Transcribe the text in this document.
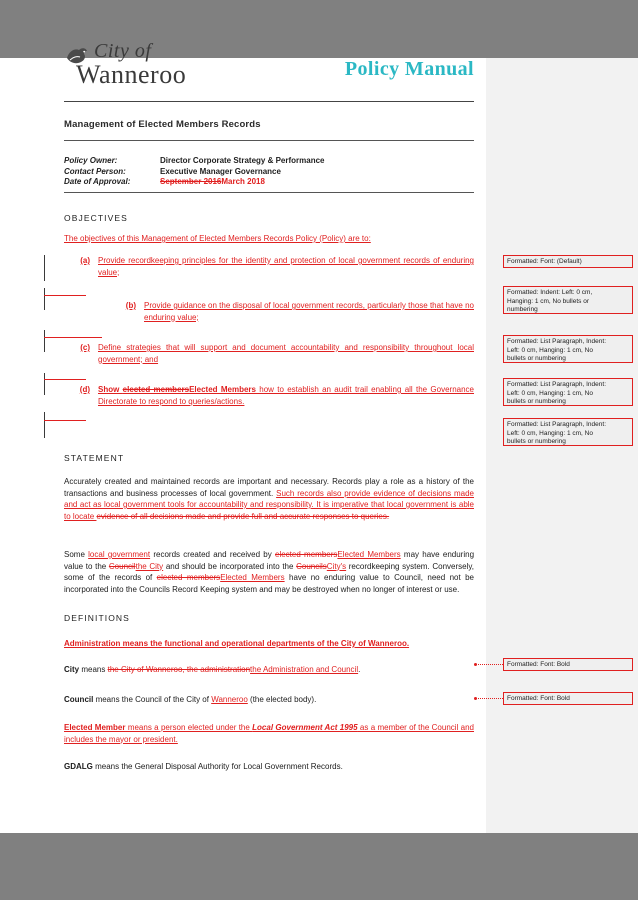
City of
Wanneroo	Policy Manual
Management of Elected Members Records
Policy Owner:	Director Corporate Strategy & Performance
Contact Person:	Executive Manager Governance
Date of Approval:	September 2016March 2018
OBJECTIVES
The objectives of this Management of Elected Members Records Policy (Policy) are to:
(a) Provide recordkeeping principles for the identity and protection of local government records of enduring value;
(b) Provide guidance on the disposal of local government records, particularly those that have no enduring value;
(c) Define strategies that will support and document accountability and responsibility throughout local government; and
(d) Show elected membersElected Members how to establish an audit trail enabling all the Governance Directorate to respond to queries/actions.
STATEMENT
Accurately created and maintained records are important and necessary. Records play a role as a history of the transactions and business processes of local government. Such records also provide evidence of decisions made and act as local government tools for accountability and responsibility. It is imperative that local government is able to locate evidence of all decisions made and provide full and accurate responses to queries.
Some local government records created and received by elected membersElected Members may have enduring value to the Councilthe City and should be incorporated into the CouncilsCity's recordkeeping system. Conversely, some of the records of elected membersElected Members have no enduring value to Council, need not be incorporated into the Councils Record Keeping system and may be destroyed when no longer of interest or use.
DEFINITIONS
Administration means the functional and operational departments of the City of Wanneroo.
City means the City of Wanneroo, the administrationthe Administration and Council.
Council means the Council of the City of Wanneroo (the elected body).
Elected Member means a person elected under the Local Government Act 1995 as a member of the Council and includes the mayor or president.
GDALG means the General Disposal Authority for Local Government Records.
Formatted: Font: (Default)
Formatted: Indent: Left: 0 cm,
Hanging: 1 cm, No bullets or
numbering
Formatted: List Paragraph, Indent:
Left: 0 cm, Hanging: 1 cm, No
bullets or numbering
Formatted: List Paragraph, Indent:
Left: 0 cm, Hanging: 1 cm, No
bullets or numbering
Formatted: List Paragraph, Indent:
Left: 0 cm, Hanging: 1 cm, No
bullets or numbering
Formatted: Font: Bold
Formatted: Font: Bold
